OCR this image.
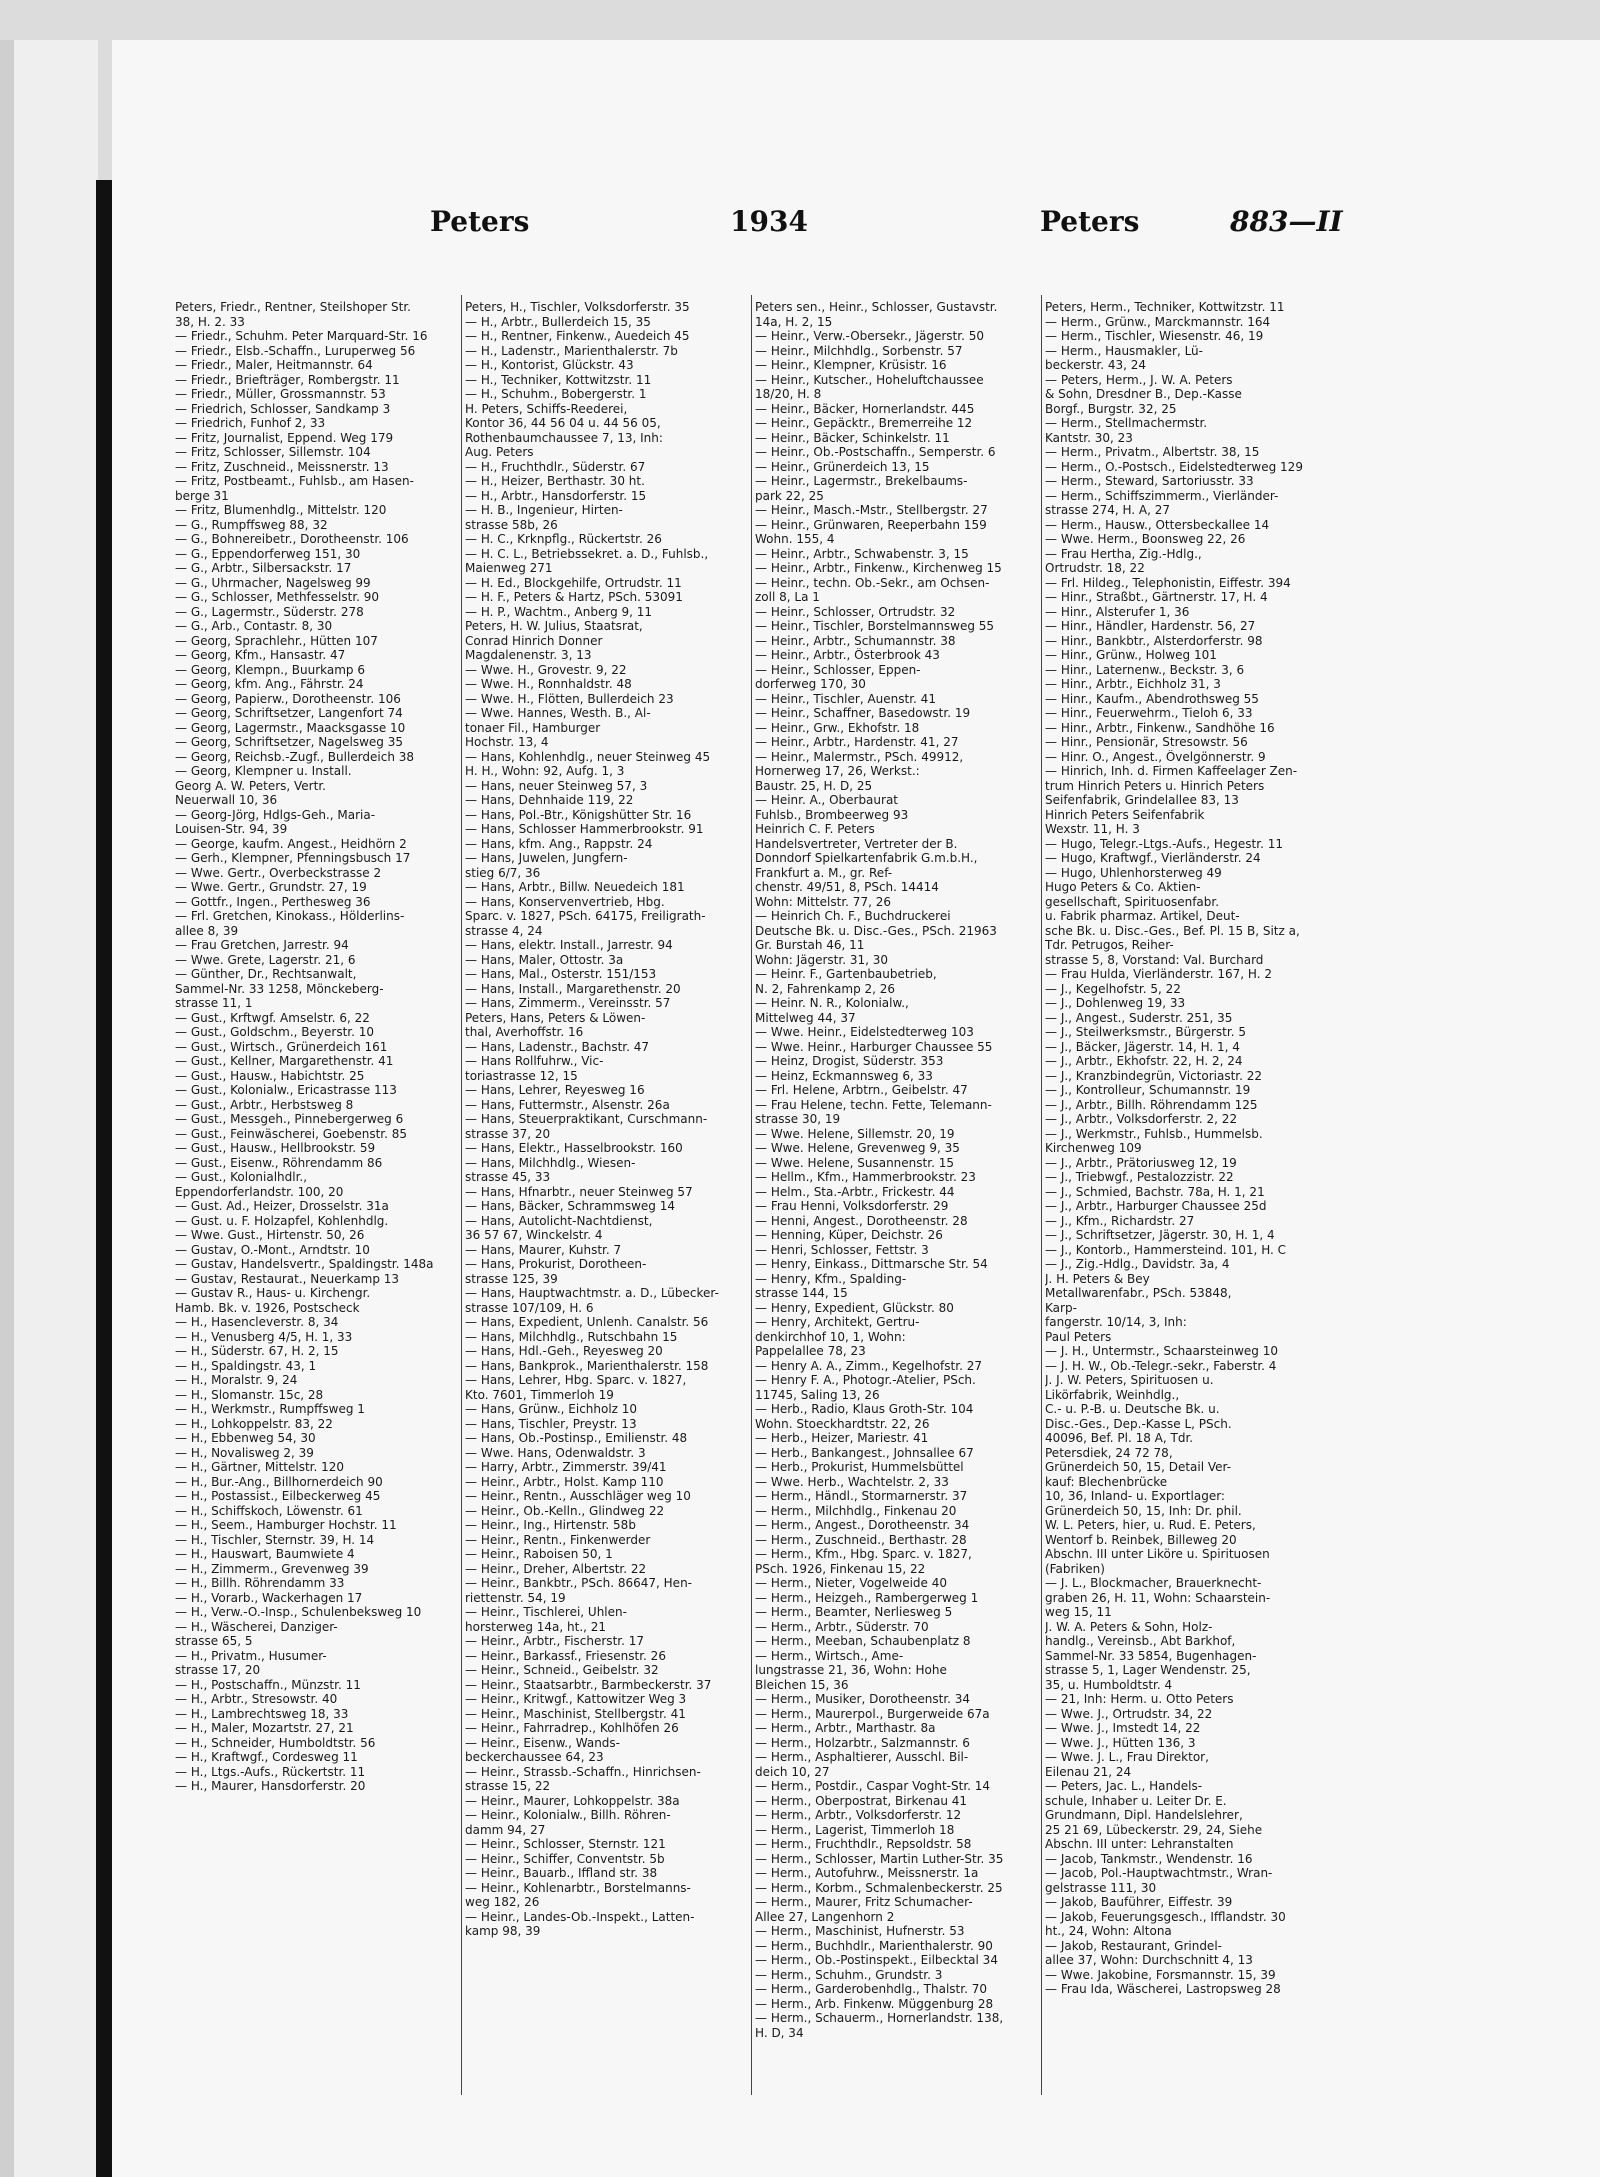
Peters	1934	Peters	883—II

Peters, Friedr., Rentner, Steilshoper Str.

38, H. 2. 33

— Friedr., Schuhm. Peter Marquard-Str. 16

— Friedr., Elsb.-Schaffn., Luruperweg 56

— Friedr., Maler, Heitmannstr. 64

— Friedr., Briefträger, Rombergstr. 11

— Friedr., Müller, Grossmannstr. 53

— Friedrich, Schlosser, Sandkamp 3

— Friedrich, Funhof 2, 33

— Fritz, Journalist, Eppend. Weg 179

— Fritz, Schlosser, Sillemstr. 104

— Fritz, Zuschneid., Meissnerstr. 13

— Fritz, Postbeamt., Fuhlsb., am Hasen-

berge 31

— Fritz, Blumenhdlg., Mittelstr. 120

— G., Rumpffsweg 88, 32

— G., Bohnereibetr., Dorotheenstr. 106

— G., Eppendorferweg 151, 30

— G., Arbtr., Silbersackstr. 17

— G., Uhrmacher, Nagelsweg 99

— G., Schlosser, Methfesselstr. 90

— G., Lagermstr., Süderstr. 278

— G., Arb., Contastr. 8, 30

— Georg, Sprachlehr., Hütten 107

— Georg, Kfm., Hansastr. 47

— Georg, Klempn., Buurkamp 6

— Georg, kfm. Ang., Fährstr. 24

— Georg, Papierw., Dorotheenstr. 106

— Georg, Schriftsetzer, Langenfort 74

— Georg, Lagermstr., Maacksgasse 10

— Georg, Schriftsetzer, Nagelsweg 35

— Georg, Reichsb.-Zugf., Bullerdeich 38

— Georg, Klempner u. Install.

Georg A. W. Peters, Vertr.

Neuerwall 10, 36

— Georg-Jörg, Hdlgs-Geh., Maria-

Louisen-Str. 94, 39

— George, kaufm. Angest., Heidhörn 2

— Gerh., Klempner, Pfenningsbusch 17

— Wwe. Gertr., Overbeckstrasse 2

— Wwe. Gertr., Grundstr. 27, 19

— Gottfr., Ingen., Perthesweg 36

— Frl. Gretchen, Kinokass., Hölderlins-

allee 8, 39

— Frau Gretchen, Jarrestr. 94

— Wwe. Grete, Lagerstr. 21, 6

— Günther, Dr., Rechtsanwalt,

Sammel-Nr. 33 1258, Mönckeberg-

strasse 11, 1

— Gust., Krftwgf. Amselstr. 6, 22

— Gust., Goldschm., Beyerstr. 10

— Gust., Wirtsch., Grünerdeich 161

— Gust., Kellner, Margarethenstr. 41

— Gust., Hausw., Habichtstr. 25

— Gust., Kolonialw., Ericastrasse 113

— Gust., Arbtr., Herbstsweg 8

— Gust., Messgeh., Pinnebergerweg 6

— Gust., Feinwäscherei, Goebenstr. 85

— Gust., Hausw., Hellbrookstr. 59

— Gust., Eisenw., Röhrendamm 86

— Gust., Kolonialhdlr.,

Eppendorferlandstr. 100, 20

— Gust. Ad., Heizer, Drosselstr. 31a

— Gust. u. F. Holzapfel, Kohlenhdlg.

— Wwe. Gust., Hirtenstr. 50, 26

— Gustav, O.-Mont., Arndtstr. 10

— Gustav, Handelsvertr., Spaldingstr. 148a

— Gustav, Restaurat., Neuerkamp 13

— Gustav R., Haus- u. Kirchengr.

Hamb. Bk. v. 1926, Postscheck

— H., Hasencleverstr. 8, 34

— H., Venusberg 4/5, H. 1, 33

— H., Süderstr. 67, H. 2, 15

— H., Spaldingstr. 43, 1

— H., Moralstr. 9, 24

— H., Slomanstr. 15c, 28

— H., Werkmstr., Rumpffsweg 1

— H., Lohkoppelstr. 83, 22

— H., Ebbenweg 54, 30

— H., Novalisweg 2, 39

— H., Gärtner, Mittelstr. 120

— H., Bur.-Ang., Billhornerdeich 90

— H., Postassist., Eilbeckerweg 45

— H., Schiffskoch, Löwenstr. 61

— H., Seem., Hamburger Hochstr. 11

— H., Tischler, Sternstr. 39, H. 14

— H., Hauswart, Baumwiete 4

— H., Zimmerm., Grevenweg 39

— H., Billh. Röhrendamm 33

— H., Vorarb., Wackerhagen 17

— H., Verw.-O.-Insp., Schulenbeksweg 10

— H., Wäscherei, Danziger-

strasse 65, 5

— H., Privatm., Husumer-

strasse 17, 20

— H., Postschaffn., Münzstr. 11

— H., Arbtr., Stresowstr. 40

— H., Lambrechtsweg 18, 33

— H., Maler, Mozartstr. 27, 21

— H., Schneider, Humboldtstr. 56

— H., Kraftwgf., Cordesweg 11

— H., Ltgs.-Aufs., Rückertstr. 11

— H., Maurer, Hansdorferstr. 20

Peters, H., Tischler, Volksdorferstr. 35

— H., Arbtr., Bullerdeich 15, 35

— H., Rentner, Finkenw., Auedeich 45

— H., Ladenstr., Marienthalerstr. 7b

— H., Kontorist, Glückstr. 43

— H., Techniker, Kottwitzstr. 11

— H., Schuhm., Bobergerstr. 1

H. Peters, Schiffs-Reederei,

Kontor 36, 44 56 04 u. 44 56 05,

Rothenbaumchaussee 7, 13, Inh:

Aug. Peters

— H., Fruchthdlr., Süderstr. 67

— H., Heizer, Berthastr. 30 ht.

— H., Arbtr., Hansdorferstr. 15

— H. B., Ingenieur, Hirten-

strasse 58b, 26

— H. C., Krknpflg., Rückertstr. 26

— H. C. L., Betriebssekret. a. D., Fuhlsb.,

Maienweg 271

— H. Ed., Blockgehilfe, Ortrudstr. 11

— H. F., Peters & Hartz, PSch. 53091

— H. P., Wachtm., Anberg 9, 11

Peters, H. W. Julius, Staatsrat,

Conrad Hinrich Donner

Magdalenenstr. 3, 13

— Wwe. H., Grovestr. 9, 22

— Wwe. H., Ronnhaldstr. 48

— Wwe. H., Flötten, Bullerdeich 23

— Wwe. Hannes, Westh. B., Al-

tonaer Fil., Hamburger

Hochstr. 13, 4

— Hans, Kohlenhdlg., neuer Steinweg 45

H. H., Wohn: 92, Aufg. 1, 3

— Hans, neuer Steinweg 57, 3

— Hans, Dehnhaide 119, 22

— Hans, Pol.-Btr., Königshütter Str. 16

— Hans, Schlosser Hammerbrookstr. 91

— Hans, kfm. Ang., Rappstr. 24

— Hans, Juwelen, Jungfern-

stieg 6/7, 36

— Hans, Arbtr., Billw. Neuedeich 181

— Hans, Konservenvertrieb, Hbg.

Sparc. v. 1827, PSch. 64175, Freiligrath-

strasse 4, 24

— Hans, elektr. Install., Jarrestr. 94

— Hans, Maler, Ottostr. 3a

— Hans, Mal., Osterstr. 151/153

— Hans, Install., Margarethenstr. 20

— Hans, Zimmerm., Vereinsstr. 57

Peters, Hans, Peters & Löwen-

thal, Averhoffstr. 16

— Hans, Ladenstr., Bachstr. 47

— Hans Rollfuhrw., Vic-

toriastrasse 12, 15

— Hans, Lehrer, Reyesweg 16

— Hans, Futtermstr., Alsenstr. 26a

— Hans, Steuerpraktikant, Curschmann-

strasse 37, 20

— Hans, Elektr., Hasselbrookstr. 160

— Hans, Milchhdlg., Wiesen-

strasse 45, 33

— Hans, Hfnarbtr., neuer Steinweg 57

— Hans, Bäcker, Schrammsweg 14

— Hans, Autolicht-Nachtdienst,

36 57 67, Winckelstr. 4

— Hans, Maurer, Kuhstr. 7

— Hans, Prokurist, Dorotheen-

strasse 125, 39

— Hans, Hauptwachtmstr. a. D., Lübecker-

strasse 107/109, H. 6

— Hans, Expedient, Unlenh. Canalstr. 56

— Hans, Milchhdlg., Rutschbahn 15

— Hans, Hdl.-Geh., Reyesweg 20

— Hans, Bankprok., Marienthalerstr. 158

— Hans, Lehrer, Hbg. Sparc. v. 1827,

Kto. 7601, Timmerloh 19

— Hans, Grünw., Eichholz 10

— Hans, Tischler, Preystr. 13

— Hans, Ob.-Postinsp., Emilienstr. 48

— Wwe. Hans, Odenwaldstr. 3

— Harry, Arbtr., Zimmerstr. 39/41

— Heinr., Arbtr., Holst. Kamp 110

— Heinr., Rentn., Ausschläger weg 10

— Heinr., Ob.-Kelln., Glindweg 22

— Heinr., Ing., Hirtenstr. 58b

— Heinr., Rentn., Finkenwerder

— Heinr., Raboisen 50, 1

— Heinr., Dreher, Albertstr. 22

— Heinr., Bankbtr., PSch. 86647, Hen-

riettenstr. 54, 19

— Heinr., Tischlerei, Uhlen-

horsterweg 14a, ht., 21

— Heinr., Arbtr., Fischerstr. 17

— Heinr., Barkassf., Friesenstr. 26

— Heinr., Schneid., Geibelstr. 32

— Heinr., Staatsarbtr., Barmbeckerstr. 37

— Heinr., Kritwgf., Kattowitzer Weg 3

— Heinr., Maschinist, Stellbergstr. 41

— Heinr., Fahrradrep., Kohlhöfen 26

— Heinr., Eisenw., Wands-

beckerchaussee 64, 23

— Heinr., Strassb.-Schaffn., Hinrichsen-

strasse 15, 22

— Heinr., Maurer, Lohkoppelstr. 38a

— Heinr., Kolonialw., Billh. Röhren-

damm 94, 27

— Heinr., Schlosser, Sternstr. 121

— Heinr., Schiffer, Conventstr. 5b

— Heinr., Bauarb., Iffland str. 38

— Heinr., Kohlenarbtr., Borstelmanns-

weg 182, 26

— Heinr., Landes-Ob.-Inspekt., Latten-

kamp 98, 39

Peters sen., Heinr., Schlosser, Gustavstr.

14a, H. 2, 15

— Heinr., Verw.-Obersekr., Jägerstr. 50

— Heinr., Milchhdlg., Sorbenstr. 57

— Heinr., Klempner, Krüsistr. 16

— Heinr., Kutscher., Hoheluftchaussee

18/20, H. 8

— Heinr., Bäcker, Hornerlandstr. 445

— Heinr., Gepäcktr., Bremerreihe 12

— Heinr., Bäcker, Schinkelstr. 11

— Heinr., Ob.-Postschaffn., Semperstr. 6

— Heinr., Grünerdeich 13, 15

— Heinr., Lagermstr., Brekelbaums-

park 22, 25

— Heinr., Masch.-Mstr., Stellbergstr. 27

— Heinr., Grünwaren, Reeperbahn 159

Wohn. 155, 4

— Heinr., Arbtr., Schwabenstr. 3, 15

— Heinr., Arbtr., Finkenw., Kirchenweg 15

— Heinr., techn. Ob.-Sekr., am Ochsen-

zoll 8, La 1

— Heinr., Schlosser, Ortrudstr. 32

— Heinr., Tischler, Borstelmannsweg 55

— Heinr., Arbtr., Schumannstr. 38

— Heinr., Arbtr., Österbrook 43

— Heinr., Schlosser, Eppen-

dorferweg 170, 30

— Heinr., Tischler, Auenstr. 41

— Heinr., Schaffner, Basedowstr. 19

— Heinr., Grw., Ekhofstr. 18

— Heinr., Arbtr., Hardenstr. 41, 27

— Heinr., Malermstr., PSch. 49912,

Hornerweg 17, 26, Werkst.:

Baustr. 25, H. D, 25

— Heinr. A., Oberbaurat

Fuhlsb., Brombeerweg 93

Heinrich C. F. Peters

Handelsvertreter, Vertreter der B.

Donndorf Spielkartenfabrik G.m.b.H.,

Frankfurt a. M., gr. Ref-

chenstr. 49/51, 8, PSch. 14414

Wohn: Mittelstr. 77, 26

— Heinrich Ch. F., Buchdruckerei

Deutsche Bk. u. Disc.-Ges., PSch. 21963

Gr. Burstah 46, 11

Wohn: Jägerstr. 31, 30

— Heinr. F., Gartenbaubetrieb,

N. 2, Fahrenkamp 2, 26

— Heinr. N. R., Kolonialw.,

Mittelweg 44, 37

— Wwe. Heinr., Eidelstedterweg 103

— Wwe. Heinr., Harburger Chaussee 55

— Heinz, Drogist, Süderstr. 353

— Heinz, Eckmannsweg 6, 33

— Frl. Helene, Arbtrn., Geibelstr. 47

— Frau Helene, techn. Fette, Telemann-

strasse 30, 19

— Wwe. Helene, Sillemstr. 20, 19

— Wwe. Helene, Grevenweg 9, 35

— Wwe. Helene, Susannenstr. 15

— Hellm., Kfm., Hammerbrookstr. 23

— Helm., Sta.-Arbtr., Frickestr. 44

— Frau Henni, Volksdorferstr. 29

— Henni, Angest., Dorotheenstr. 28

— Henning, Küper, Deichstr. 26

— Henri, Schlosser, Fettstr. 3

— Henry, Einkass., Dittmarsche Str. 54

— Henry, Kfm., Spalding-

strasse 144, 15

— Henry, Expedient, Glückstr. 80

— Henry, Architekt, Gertru-

denkirchhof 10, 1, Wohn:

Pappelallee 78, 23

— Henry A. A., Zimm., Kegelhofstr. 27

— Henry F. A., Photogr.-Atelier, PSch.

11745, Saling 13, 26

— Herb., Radio, Klaus Groth-Str. 104

Wohn. Stoeckhardtstr. 22, 26

— Herb., Heizer, Mariestr. 41

— Herb., Bankangest., Johnsallee 67

— Herb., Prokurist, Hummelsbüttel

— Wwe. Herb., Wachtelstr. 2, 33

— Herm., Händl., Stormarnerstr. 37

— Herm., Milchhdlg., Finkenau 20

— Herm., Angest., Dorotheenstr. 34

— Herm., Zuschneid., Berthastr. 28

— Herm., Kfm., Hbg. Sparc. v. 1827,

PSch. 1926, Finkenau 15, 22

— Herm., Nieter, Vogelweide 40

— Herm., Heizgeh., Rambergerweg 1

— Herm., Beamter, Nerliesweg 5

— Herm., Arbtr., Süderstr. 70

— Herm., Meeban, Schaubenplatz 8

— Herm., Wirtsch., Ame-

lungstrasse 21, 36, Wohn: Hohe

Bleichen 15, 36

— Herm., Musiker, Dorotheenstr. 34

— Herm., Maurerpol., Burgerweide 67a

— Herm., Arbtr., Marthastr. 8a

— Herm., Holzarbtr., Salzmannstr. 6

— Herm., Asphaltierer, Ausschl. Bil-

deich 10, 27

— Herm., Postdir., Caspar Voght-Str. 14

— Herm., Oberpostrat, Birkenau 41

— Herm., Arbtr., Volksdorferstr. 12

— Herm., Lagerist, Timmerloh 18

— Herm., Fruchthdlr., Repsoldstr. 58

— Herm., Schlosser, Martin Luther-Str. 35

— Herm., Autofuhrw., Meissnerstr. 1a

— Herm., Korbm., Schmalenbeckerstr. 25

— Herm., Maurer, Fritz Schumacher-

Allee 27, Langenhorn 2

— Herm., Maschinist, Hufnerstr. 53

— Herm., Buchhdlr., Marienthalerstr. 90

— Herm., Ob.-Postinspekt., Eilbecktal 34

— Herm., Schuhm., Grundstr. 3

— Herm., Garderobenhdlg., Thalstr. 70

— Herm., Arb. Finkenw. Müggenburg 28

— Herm., Schauerm., Hornerlandstr. 138,

H. D, 34

Peters, Herm., Techniker, Kottwitzstr. 11

— Herm., Grünw., Marckmannstr. 164

— Herm., Tischler, Wiesenstr. 46, 19

— Herm., Hausmakler, Lü-

beckerstr. 43, 24

— Peters, Herm., J. W. A. Peters

& Sohn, Dresdner B., Dep.-Kasse

Borgf., Burgstr. 32, 25

— Herm., Stellmachermstr.

Kantstr. 30, 23

— Herm., Privatm., Albertstr. 38, 15

— Herm., O.-Postsch., Eidelstedterweg 129

— Herm., Steward, Sartoriusstr. 33

— Herm., Schiffszimmerm., Vierländer-

strasse 274, H. A, 27

— Herm., Hausw., Ottersbeckallee 14

— Wwe. Herm., Boonsweg 22, 26

— Frau Hertha, Zig.-Hdlg.,

Ortrudstr. 18, 22

— Frl. Hildeg., Telephonistin, Eiffestr. 394

— Hinr., Straßbt., Gärtnerstr. 17, H. 4

— Hinr., Alsterufer 1, 36

— Hinr., Händler, Hardenstr. 56, 27

— Hinr., Bankbtr., Alsterdorferstr. 98

— Hinr., Grünw., Holweg 101

— Hinr., Laternenw., Beckstr. 3, 6

— Hinr., Arbtr., Eichholz 31, 3

— Hinr., Kaufm., Abendrothsweg 55

— Hinr., Feuerwehrm., Tieloh 6, 33

— Hinr., Arbtr., Finkenw., Sandhöhe 16

— Hinr., Pensionär, Stresowstr. 56

— Hinr. O., Angest., Övelgönnerstr. 9

— Hinrich, Inh. d. Firmen Kaffeelager Zen-

trum Hinrich Peters u. Hinrich Peters

Seifenfabrik, Grindelallee 83, 13

Hinrich Peters Seifenfabrik

Wexstr. 11, H. 3

— Hugo, Telegr.-Ltgs.-Aufs., Hegestr. 11

— Hugo, Kraftwgf., Vierländerstr. 24

— Hugo, Uhlenhorsterweg 49

Hugo Peters & Co. Aktien-

gesellschaft, Spirituosenfabr.

u. Fabrik pharmaz. Artikel, Deut-

sche Bk. u. Disc.-Ges., Bef. Pl. 15 B, Sitz a,

Tdr. Petrugos, Reiher-

strasse 5, 8, Vorstand: Val. Burchard

— Frau Hulda, Vierländerstr. 167, H. 2

— J., Kegelhofstr. 5, 22

— J., Dohlenweg 19, 33

— J., Angest., Suderstr. 251, 35

— J., Steilwerksmstr., Bürgerstr. 5

— J., Bäcker, Jägerstr. 14, H. 1, 4

— J., Arbtr., Ekhofstr. 22, H. 2, 24

— J., Kranzbindegrün, Victoriastr. 22

— J., Kontrolleur, Schumannstr. 19

— J., Arbtr., Billh. Röhrendamm 125

— J., Arbtr., Volksdorferstr. 2, 22

— J., Werkmstr., Fuhlsb., Hummelsb.

Kirchenweg 109

— J., Arbtr., Prätoriusweg 12, 19

— J., Triebwgf., Pestalozzistr. 22

— J., Schmied, Bachstr. 78a, H. 1, 21

— J., Arbtr., Harburger Chaussee 25d

— J., Kfm., Richardstr. 27

— J., Schriftsetzer, Jägerstr. 30, H. 1, 4

— J., Kontorb., Hammersteind. 101, H. C

— J., Zig.-Hdlg., Davidstr. 3a, 4

J. H. Peters & Bey

Metallwarenfabr., PSch. 53848,

Karp-

fangerstr. 10/14, 3, Inh:

Paul Peters

— J. H., Untermstr., Schaarsteinweg 10

— J. H. W., Ob.-Telegr.-sekr., Faberstr. 4

J. J. W. Peters, Spirituosen u.

Likörfabrik, Weinhdlg.,

C.- u. P.-B. u. Deutsche Bk. u.

Disc.-Ges., Dep.-Kasse L, PSch.

40096, Bef. Pl. 18 A, Tdr.

Petersdiek, 24 72 78,

Grünerdeich 50, 15, Detail Ver-

kauf: Blechenbrücke

10, 36, Inland- u. Exportlager:

Grünerdeich 50, 15, Inh: Dr. phil.

W. L. Peters, hier, u. Rud. E. Peters,

Wentorf b. Reinbek, Billeweg 20

Abschn. III unter Liköre u. Spirituosen

(Fabriken)

— J. L., Blockmacher, Brauerknecht-

graben 26, H. 11, Wohn: Schaarstein-

weg 15, 11

J. W. A. Peters & Sohn, Holz-

handlg., Vereinsb., Abt Barkhof,

Sammel-Nr. 33 5854, Bugenhagen-

strasse 5, 1, Lager Wendenstr. 25,

35, u. Humboldtstr. 4

— 21, Inh: Herm. u. Otto Peters

— Wwe. J., Ortrudstr. 34, 22

— Wwe. J., Imstedt 14, 22

— Wwe. J., Hütten 136, 3

— Wwe. J. L., Frau Direktor,

Eilenau 21, 24

— Peters, Jac. L., Handels-

schule, Inhaber u. Leiter Dr. E.

Grundmann, Dipl. Handelslehrer,

25 21 69, Lübeckerstr. 29, 24, Siehe

Abschn. III unter: Lehranstalten

— Jacob, Tankmstr., Wendenstr. 16

— Jacob, Pol.-Hauptwachtmstr., Wran-

gelstrasse 111, 30

— Jakob, Bauführer, Eiffestr. 39

— Jakob, Feuerungsgesch., Ifflandstr. 30

ht., 24, Wohn: Altona

— Jakob, Restaurant, Grindel-

allee 37, Wohn: Durchschnitt 4, 13

— Wwe. Jakobine, Forsmannstr. 15, 39

— Frau Ida, Wäscherei, Lastropsweg 28
